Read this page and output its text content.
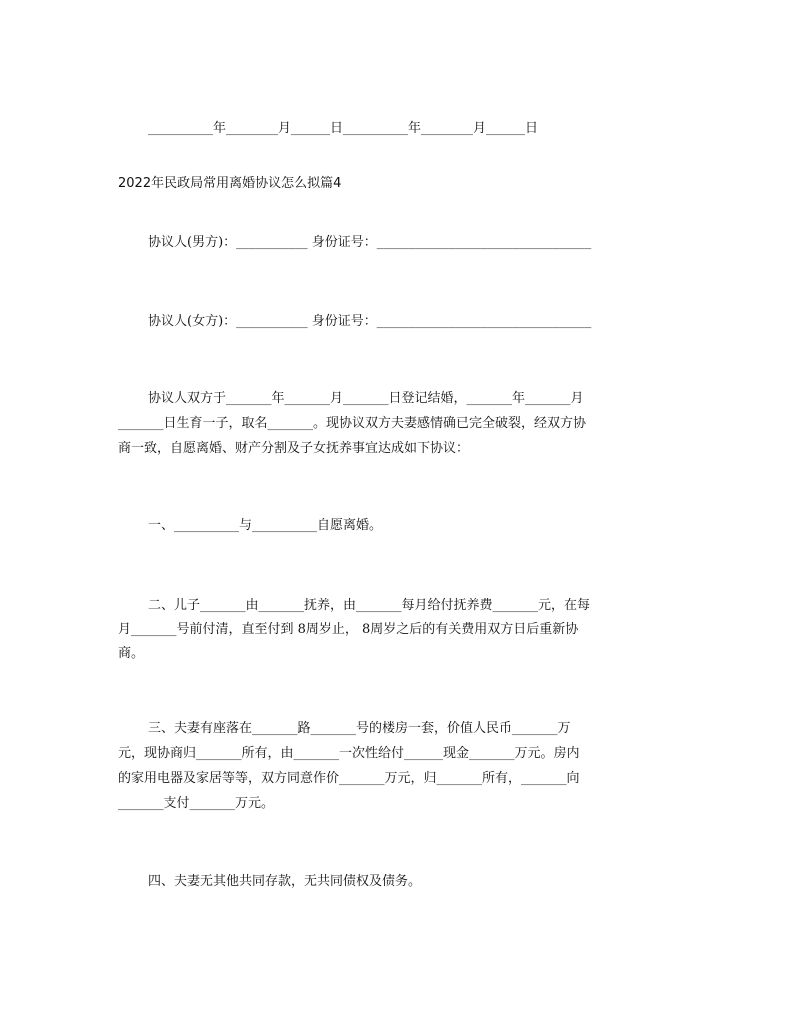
__________年________月______日__________年________月______日
2022年民政局常用离婚协议怎么拟篇4
协议人(男方)：___________ 身份证号：_________________________________
协议人(女方)：___________ 身份证号：_________________________________
协议人双方于_______年_______月_______日登记结婚，_______年_______月
_______日生育一子，取名_______。现协议双方夫妻感情确已完全破裂，经双方协
商一致，自愿离婚、财产分割及子女抚养事宜达成如下协议：
一、__________与__________自愿离婚。
二、儿子_______由_______抚养，由_______每月给付抚养费_______元，在每
月_______号前付清，直至付到 8周岁止， 8周岁之后的有关费用双方日后重新协
商。
三、夫妻有座落在_______路_______号的楼房一套，价值人民币_______万
元，现协商归_______所有，由_______一次性给付______现金_______万元。房内
的家用电器及家居等等，双方同意作价_______万元，归_______所有，_______向
_______支付_______万元。
四、夫妻无其他共同存款，无共同债权及债务。
